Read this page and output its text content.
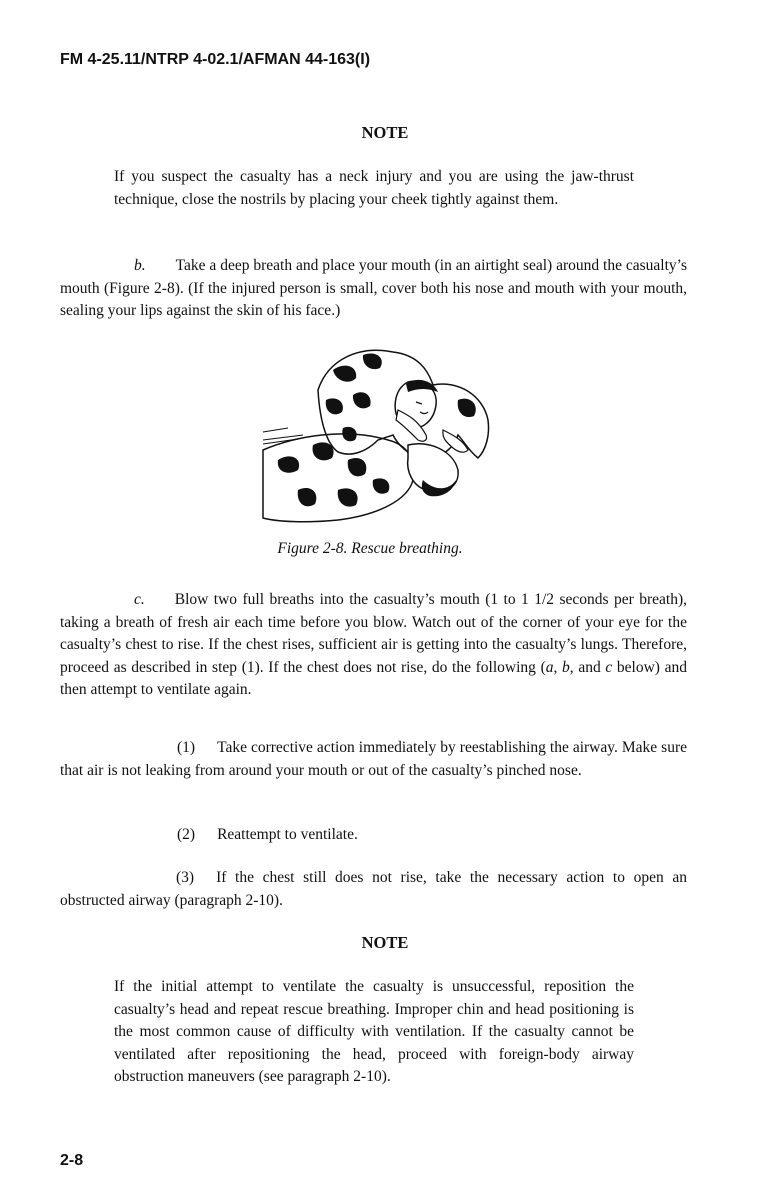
FM 4-25.11/NTRP 4-02.1/AFMAN 44-163(I)
NOTE
If you suspect the casualty has a neck injury and you are using the jaw-thrust technique, close the nostrils by placing your cheek tightly against them.
b. Take a deep breath and place your mouth (in an airtight seal) around the casualty’s mouth (Figure 2-8). (If the injured person is small, cover both his nose and mouth with your mouth, sealing your lips against the skin of his face.)
Figure 2-8. Rescue breathing.
c. Blow two full breaths into the casualty’s mouth (1 to 1 1/2 seconds per breath), taking a breath of fresh air each time before you blow. Watch out of the corner of your eye for the casualty’s chest to rise. If the chest rises, sufficient air is getting into the casualty’s lungs. Therefore, proceed as described in step (1). If the chest does not rise, do the following (a, b, and c below) and then attempt to ventilate again.
(1) Take corrective action immediately by reestablishing the airway. Make sure that air is not leaking from around your mouth or out of the casualty’s pinched nose.
(2) Reattempt to ventilate.
(3) If the chest still does not rise, take the necessary action to open an obstructed airway (paragraph 2-10).
NOTE
If the initial attempt to ventilate the casualty is unsuccessful, reposition the casualty’s head and repeat rescue breathing. Improper chin and head positioning is the most common cause of difficulty with ventilation. If the casualty cannot be ventilated after repositioning the head, proceed with foreign-body airway obstruction maneuvers (see paragraph 2-10).
2-8
